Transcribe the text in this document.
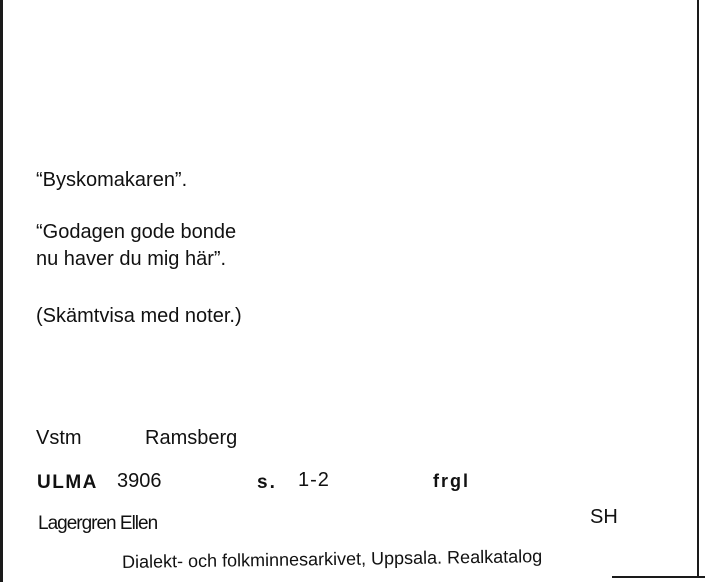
“Byskomakaren”.

“Godagen gode bonde

nu haver du mig här”.

(Skämtvisa med noter.)

Vstm	Ramsberg

ULMA 3906	s. 1-2	frgl

Lagergren Ellen	SH

Dialekt- och folkminnesarkivet, Uppsala. Realkatalog
